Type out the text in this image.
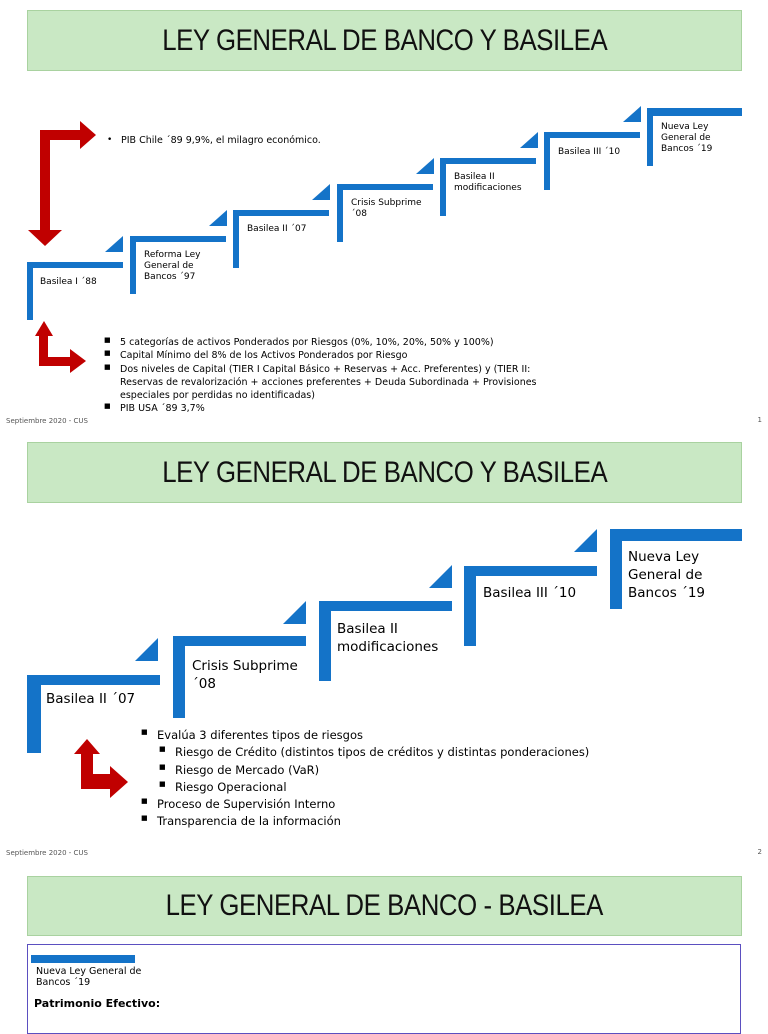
LEY GENERAL DE BANCO Y BASILEA
Basilea I ´88
Reforma Ley General de Bancos ´97
Basilea II ´07
Crisis Subprime ´08
Basilea II modificaciones
Basilea III ´10
Nueva Ley General de Bancos ´19
• PIB Chile ´89 9,9%, el milagro económico.
■ 5 categorías de activos Ponderados por Riesgos (0%, 10%, 20%, 50% y 100%)
■ Capital Mínimo del 8% de los Activos Ponderados por Riesgo
■ Dos niveles de Capital (TIER I Capital Básico + Reservas + Acc. Preferentes) y (TIER II: Reservas de revalorización + acciones preferentes + Deuda Subordinada + Provisiones especiales por perdidas no identificadas)
■ PIB USA ´89 3,7%
Septiembre 2020 - CUS	1
LEY GENERAL DE BANCO Y BASILEA
Basilea II ´07
Crisis Subprime ´08
Basilea II modificaciones
Basilea III ´10
Nueva Ley General de Bancos ´19
■ Evalúa 3 diferentes tipos de riesgos
■ Riesgo de Crédito (distintos tipos de créditos y distintas ponderaciones)
■ Riesgo de Mercado (VaR)
■ Riesgo Operacional
■ Proceso de Supervisión Interno
■ Transparencia de la información
Septiembre 2020 - CUS	2
LEY GENERAL DE BANCO - BASILEA
Nueva Ley General de Bancos ´19
Patrimonio Efectivo:
